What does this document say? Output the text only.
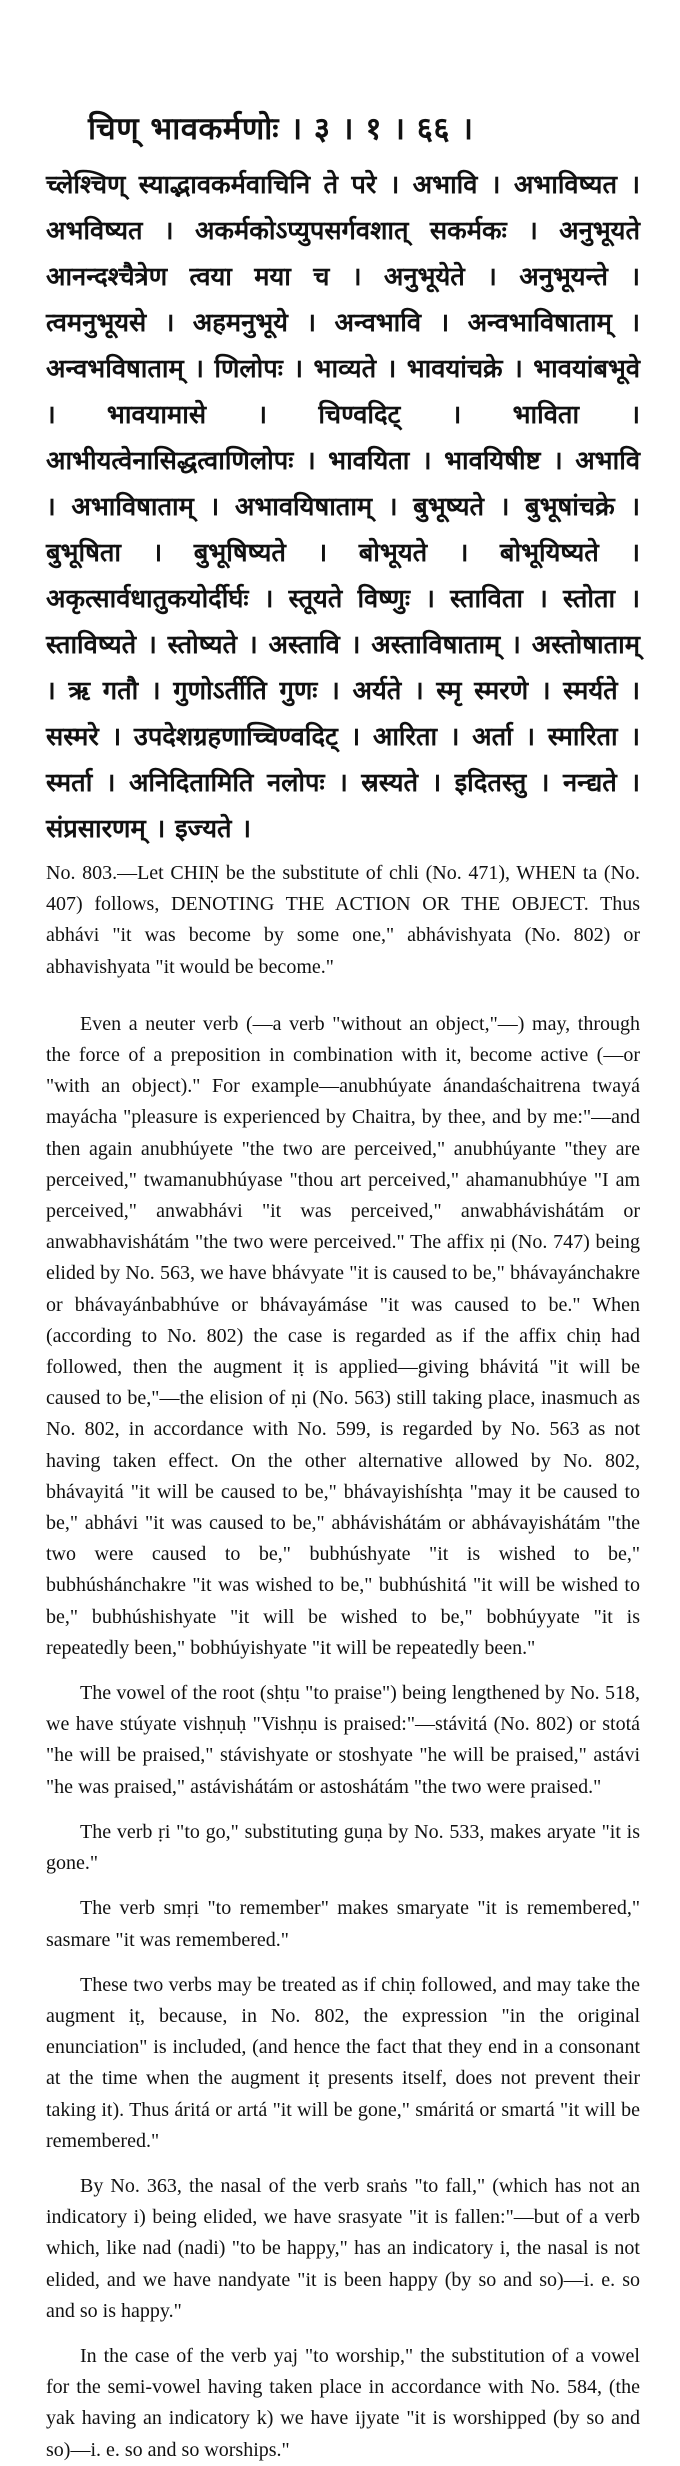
चिण् भावकर्मणोः । ३ । १ । ६६ ।
च्लेश्चिण् स्याद्भावकर्मवाचिनि ते परे । अभावि । अभाविष्यत । अभविष्यत । अकर्मकोऽप्युपसर्गवशात् सकर्मकः । अनुभूयते आनन्दश्चैत्रेण त्वया मया च । अनुभूयेते । अनुभूयन्ते । त्वमनुभूयसे । अहमनुभूये । अन्वभावि । अन्वभाविषाताम् । अन्वभविषाताम् । णिलोपः । भाव्यते । भावयांचक्रे । भावयांबभूवे । भावयामासे । चिण्वदिट् । भाविता । आभीयत्वेनासिद्धत्वाणिलोपः । भावयिता । भावयिषीष्ट । अभावि । अभाविषाताम् । अभावयिषाताम् । बुभूष्यते । बुभूषांचक्रे । बुभूषिता । बुभूषिष्यते । बोभूयते । बोभूयिष्यते । अकृत्सार्वधातुकयोर्दीर्घः । स्तूयते विष्णुः । स्ताविता । स्तोता । स्ताविष्यते । स्तोष्यते । अस्तावि । अस्ताविषाताम् । अस्तोषाताम् । ऋ गतौ । गुणोऽर्तीति गुणः । अर्यते । स्मृ स्मरणे । स्मर्यते । सस्मरे । उपदेशग्रहणाच्चिण्वदिट् । आरिता । अर्ता । स्मारिता । स्मर्ता । अनिदितामिति नलोपः । स्रस्यते । इदितस्तु । नन्द्यते । संप्रसारणम् । इज्यते ।

No. 803.—Let CHIṆ be the substitute of chli (No. 471), WHEN ta (No. 407) follows, DENOTING THE ACTION OR THE OBJECT. Thus abhávi "it was become by some one," abhávishyata (No. 802) or abhavishyata "it would be become."

Even a neuter verb (—a verb "without an object,"—) may, through the force of a preposition in combination with it, become active (—or "with an object)." For example—anubhúyate ánandaśchaitrena twayá mayácha "pleasure is experienced by Chaitra, by thee, and by me:"—and then again anubhúyete "the two are perceived," anubhúyante "they are perceived," twamanubhúyase "thou art perceived," ahamanubhúye "I am perceived," anwabhávi "it was perceived," anwabhávishátám or anwabhavishátám "the two were perceived." The affix ṇi (No. 747) being elided by No. 563, we have bhávyate "it is caused to be," bhávayánchakre or bhávayánbabhúve or bhávayámáse "it was caused to be." When (according to No. 802) the case is regarded as if the affix chiṇ had followed, then the augment iṭ is applied—giving bhávitá "it will be caused to be,"—the elision of ṇi (No. 563) still taking place, inasmuch as No. 802, in accordance with No. 599, is regarded by No. 563 as not having taken effect. On the other alternative allowed by No. 802, bhávayitá "it will be caused to be," bhávayishíshṭa "may it be caused to be," abhávi "it was caused to be," abhávishátám or abhávayishátám "the two were caused to be," bubhúshyate "it is wished to be," bubhúshánchakre "it was wished to be," bubhúshitá "it will be wished to be," bubhúshishyate "it will be wished to be," bobhúyyate "it is repeatedly been," bobhúyishyate "it will be repeatedly been."

The vowel of the root (shṭu "to praise") being lengthened by No. 518, we have stúyate vishṇuḥ "Vishṇu is praised:"—stávitá (No. 802) or stotá "he will be praised," stávishyate or stoshyate "he will be praised," astávi "he was praised," astávishátám or astoshátám "the two were praised."

The verb ṛi "to go," substituting guṇa by No. 533, makes aryate "it is gone."

The verb smṛi "to remember" makes smaryate "it is remembered," sasmare "it was remembered."

These two verbs may be treated as if chiṇ followed, and may take the augment iṭ, because, in No. 802, the expression "in the original enunciation" is included, (and hence the fact that they end in a consonant at the time when the augment iṭ presents itself, does not prevent their taking it). Thus áritá or artá "it will be gone," smáritá or smartá "it will be remembered."

By No. 363, the nasal of the verb sraṅs "to fall," (which has not an indicatory i) being elided, we have srasyate "it is fallen:"—but of a verb which, like nad (nadi) "to be happy," has an indicatory i, the nasal is not elided, and we have nandyate "it is been happy (by so and so)—i. e. so and so is happy."

In the case of the verb yaj "to worship," the substitution of a vowel for the semi-vowel having taken place in accordance with No. 584, (the yak having an indicatory k) we have ijyate "it is worshipped (by so and so)—i. e. so and so worships."
